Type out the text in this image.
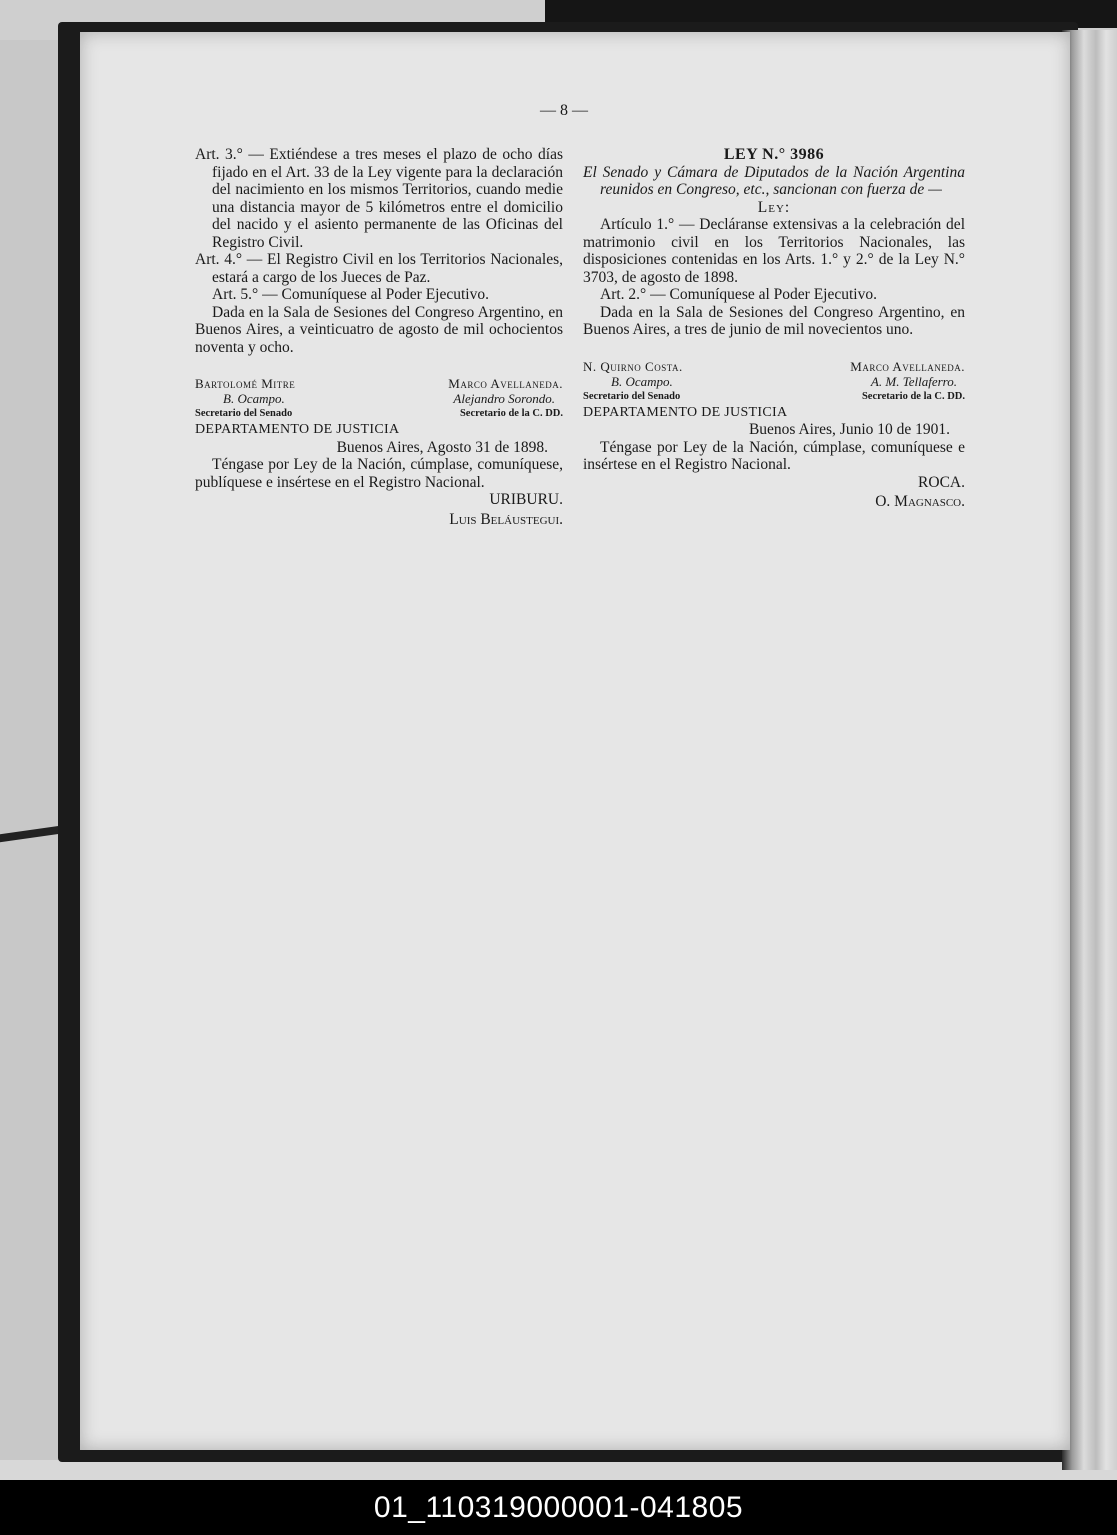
— 8 —

Art. 3.° — Extiéndese a tres meses el plazo de ocho días fijado en el Art. 33 de la Ley vigente para la declaración del nacimiento en los mismos Territorios, cuando medie una distancia mayor de 5 kilómetros entre el domicilio del nacido y el asiento permanente de las Oficinas del Registro Civil.

Art. 4.° — El Registro Civil en los Territorios Nacionales, estará a cargo de los Jueces de Paz.

Art. 5.° — Comuníquese al Poder Ejecutivo.

Dada en la Sala de Sesiones del Congreso Argentino, en Buenos Aires, a veinticuatro de agosto de mil ochocientos noventa y ocho.

Bartolomé Mitre
B. Ocampo.
Secretario del Senado
Marco Avellaneda.
Alejandro Sorondo.
Secretario de la C. DD.

DEPARTAMENTO DE JUSTICIA

Buenos Aires, Agosto 31 de 1898.

Téngase por Ley de la Nación, cúmplase, comuníquese, publíquese e insértese en el Registro Nacional.

URIBURU.

Luis Beláustegui.

LEY N.° 3986

El Senado y Cámara de Diputados de la Nación Argentina reunidos en Congreso, etc., sancionan con fuerza de —

Ley:

Artículo 1.° — Decláranse extensivas a la celebración del matrimonio civil en los Territorios Nacionales, las disposiciones contenidas en los Arts. 1.° y 2.° de la Ley N.° 3703, de agosto de 1898.

Art. 2.° — Comuníquese al Poder Ejecutivo.

Dada en la Sala de Sesiones del Congreso Argentino, en Buenos Aires, a tres de junio de mil novecientos uno.

N. Quirno Costa.
B. Ocampo.
Secretario del Senado
Marco Avellaneda.
A. M. Tellaferro.
Secretario de la C. DD.

DEPARTAMENTO DE JUSTICIA

Buenos Aires, Junio 10 de 1901.

Téngase por Ley de la Nación, cúmplase, comuníquese e insértese en el Registro Nacional.

ROCA.

O. Magnasco.

01_110319000001-041805
